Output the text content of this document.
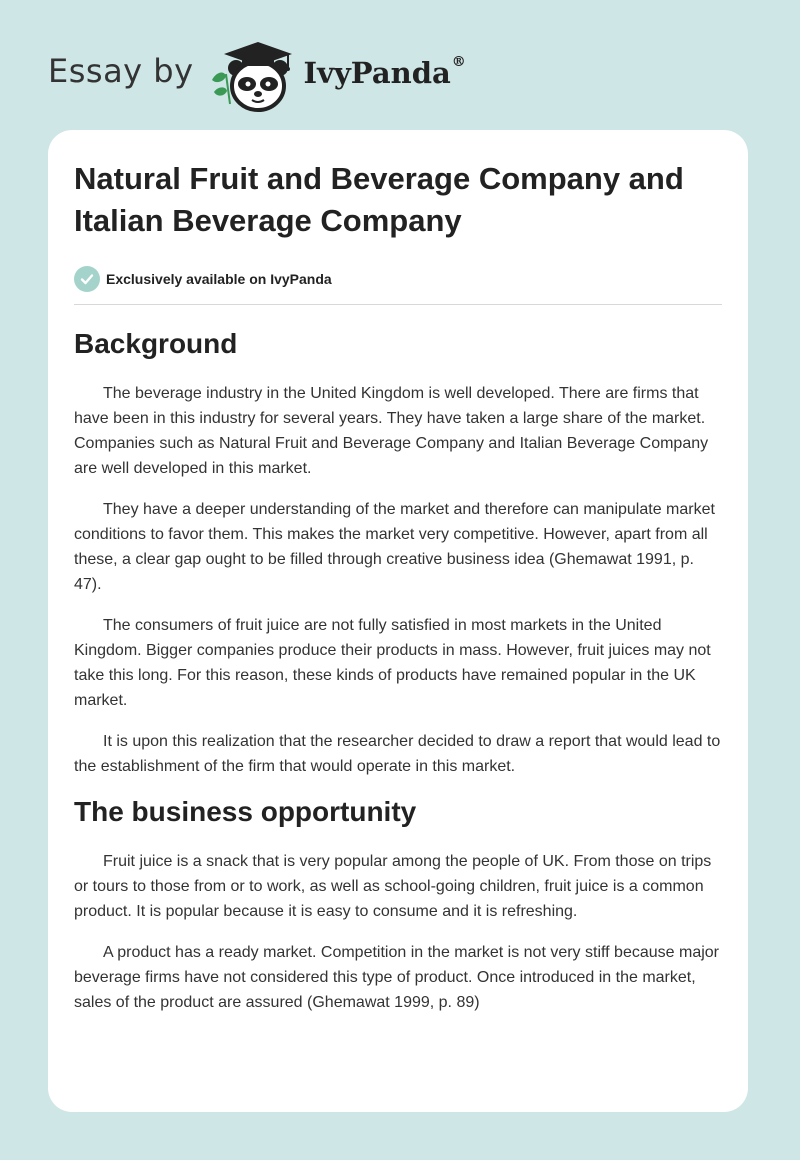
Essay by	IvyPanda®
Natural Fruit and Beverage Company and Italian Beverage Company
Exclusively available on IvyPanda
Background

The beverage industry in the United Kingdom is well developed. There are firms that have been in this industry for several years. They have taken a large share of the market. Companies such as Natural Fruit and Beverage Company and Italian Beverage Company are well developed in this market.

They have a deeper understanding of the market and therefore can manipulate market conditions to favor them. This makes the market very competitive. However, apart from all these, a clear gap ought to be filled through creative business idea (Ghemawat 1991, p. 47).

The consumers of fruit juice are not fully satisfied in most markets in the United Kingdom. Bigger companies produce their products in mass. However, fruit juices may not take this long. For this reason, these kinds of products have remained popular in the UK market.

It is upon this realization that the researcher decided to draw a report that would lead to the establishment of the firm that would operate in this market.

The business opportunity

Fruit juice is a snack that is very popular among the people of UK. From those on trips or tours to those from or to work, as well as school-going children, fruit juice is a common product. It is popular because it is easy to consume and it is refreshing.

A product has a ready market. Competition in the market is not very stiff because major beverage firms have not considered this type of product. Once introduced in the market, sales of the product are assured (Ghemawat 1999, p. 89)
